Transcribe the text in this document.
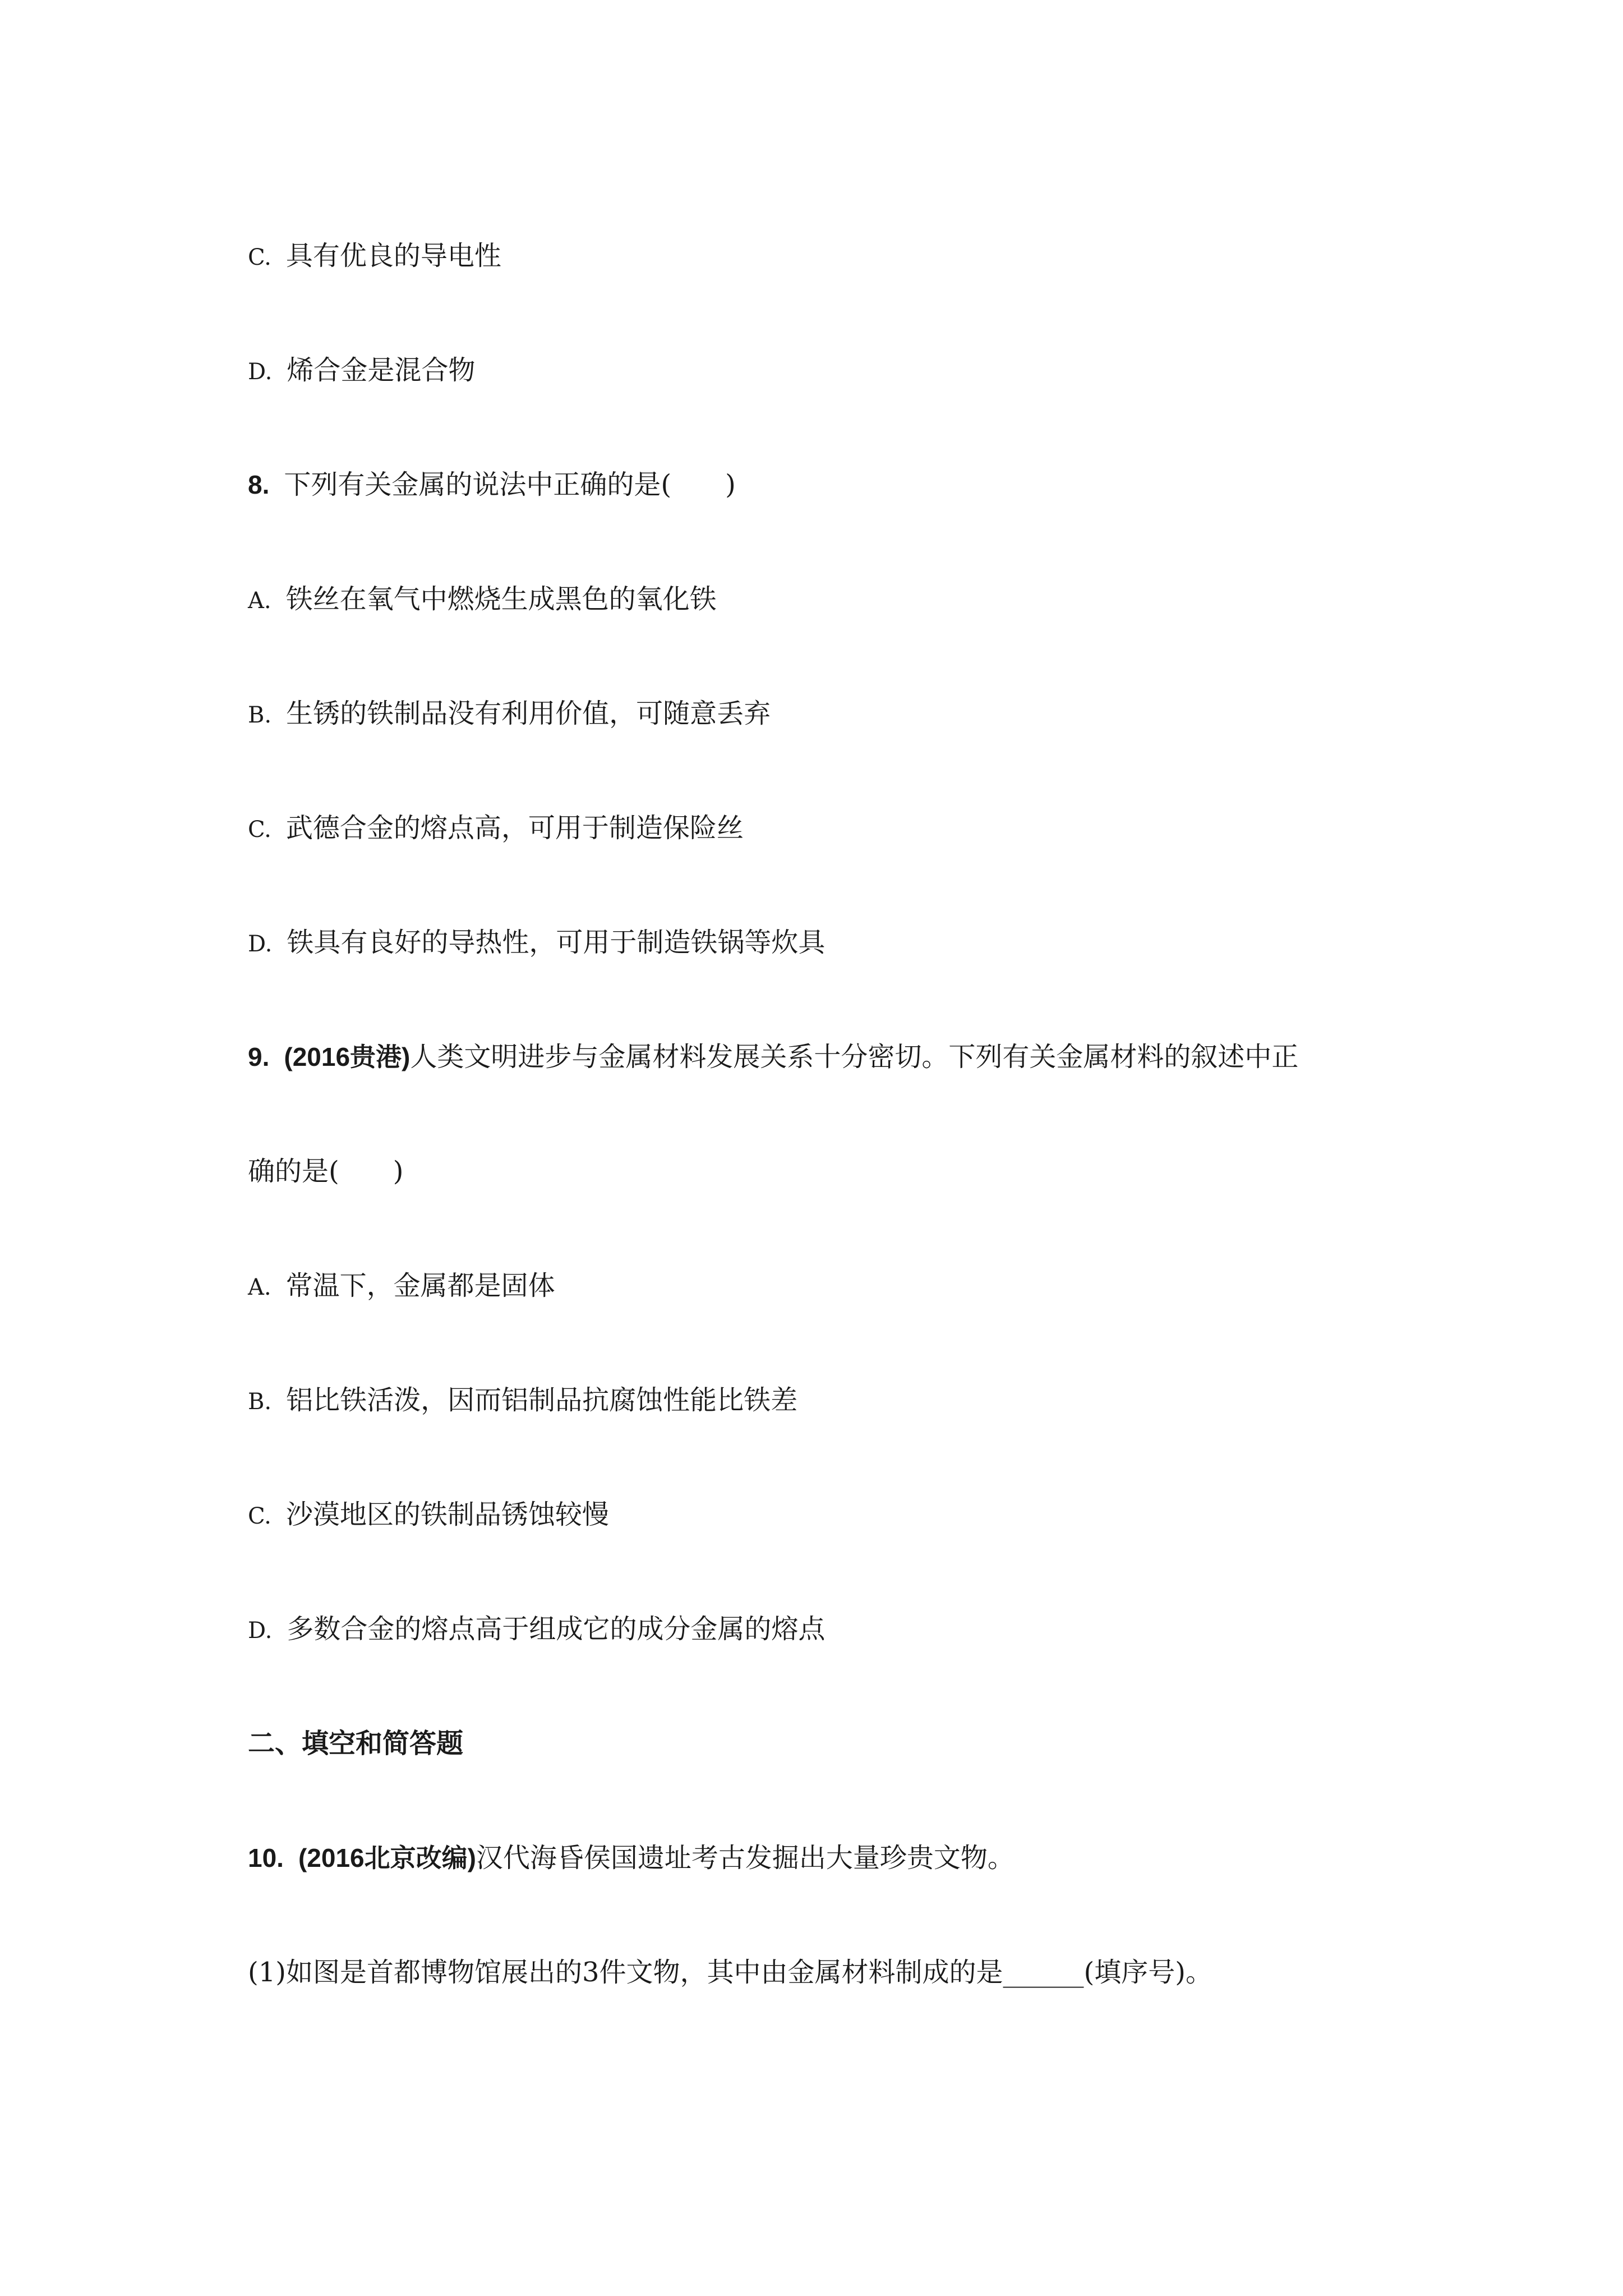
C. 具有优良的导电性
D. 烯合金是混合物
8. 下列有关金属的说法中正确的是(　　)
A. 铁丝在氧气中燃烧生成黑色的氧化铁
B. 生锈的铁制品没有利用价值，可随意丢弃
C. 武德合金的熔点高，可用于制造保险丝
D. 铁具有良好的导热性，可用于制造铁锅等炊具
9. (2016贵港)人类文明进步与金属材料发展关系十分密切。下列有关金属材料的叙述中正
确的是(　　)
A. 常温下，金属都是固体
B. 铝比铁活泼，因而铝制品抗腐蚀性能比铁差
C. 沙漠地区的铁制品锈蚀较慢
D. 多数合金的熔点高于组成它的成分金属的熔点
二、填空和简答题
10. (2016北京改编)汉代海昏侯国遗址考古发掘出大量珍贵文物。
(1)如图是首都博物馆展出的3件文物，其中由金属材料制成的是______(填序号)。
